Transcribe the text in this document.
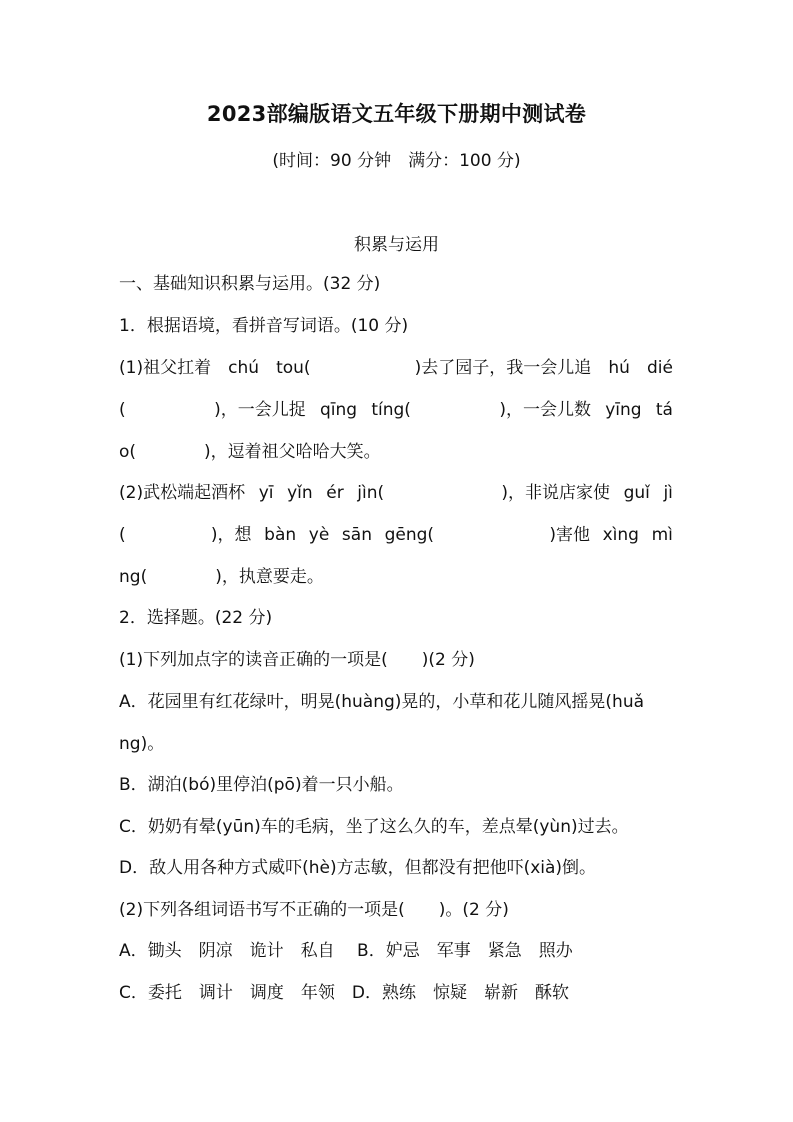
2023部编版语文五年级下册期中测试卷
(时间：90 分钟　满分：100 分)
积累与运用
一、基础知识积累与运用。(32 分)
1．根据语境，看拼音写词语。(10 分)
(1)祖父扛着 chú tou(	)去了园子，我一会儿追 hú dié
(	)，一会儿捉 qīng tíng(	)，一会儿数 yīng tá
o(　　　　)，逗着祖父哈哈大笑。
(2)武松端起酒杯 yī yǐn ér jìn(	)，非说店家使 guǐ jì
(	)，想 bàn yè sān gēng(	)害他 xìng mì
ng(　　　　)，执意要走。
2．选择题。(22 分)
(1)下列加点字的读音正确的一项是(　　)(2 分)
A．花园里有红花绿叶，明晃(huàng)晃的，小草和花儿随风摇晃(huǎ
ng)。
B．湖泊(bó)里停泊(pō)着一只小船。
C．奶奶有晕(yūn)车的毛病，坐了这么久的车，差点晕(yùn)过去。
D．敌人用各种方式威吓(hè)方志敏，但都没有把他吓(xià)倒。
(2)下列各组词语书写不正确的一项是(　　)。(2 分)
A．锄头　阴凉　诡计　私自　 B．妒忌　军事　紧急　照办
C．委托　调计　调度　年领　D．熟练　惊疑　崭新　酥软
